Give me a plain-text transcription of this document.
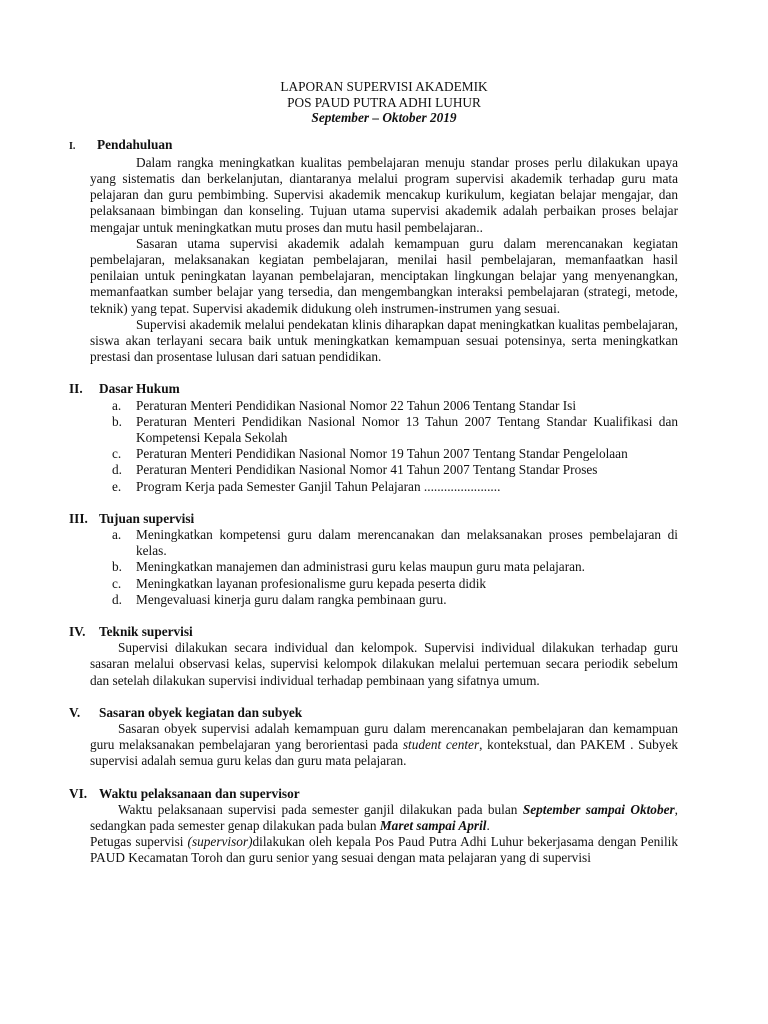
LAPORAN SUPERVISI AKADEMIK
POS PAUD PUTRA ADHI LUHUR
September – Oktober 2019
I. Pendahuluan

Dalam rangka meningkatkan kualitas pembelajaran menuju standar proses perlu dilakukan upaya yang sistematis dan berkelanjutan, diantaranya melalui program supervisi akademik terhadap guru mata pelajaran dan guru pembimbing. Supervisi akademik mencakup kurikulum, kegiatan belajar mengajar, dan pelaksanaan bimbingan dan konseling. Tujuan utama supervisi akademik adalah perbaikan proses belajar mengajar untuk meningkatkan mutu proses dan mutu hasil pembelajaran..

Sasaran utama supervisi akademik adalah kemampuan guru dalam merencanakan kegiatan pembelajaran, melaksanakan kegiatan pembelajaran, menilai hasil pembelajaran, memanfaatkan hasil penilaian untuk peningkatan layanan pembelajaran, menciptakan lingkungan belajar yang menyenangkan, memanfaatkan sumber belajar yang tersedia, dan mengembangkan interaksi pembelajaran (strategi, metode, teknik) yang tepat. Supervisi akademik didukung oleh instrumen-instrumen yang sesuai.

Supervisi akademik melalui pendekatan klinis diharapkan dapat meningkatkan kualitas pembelajaran, siswa akan terlayani secara baik untuk meningkatkan kemampuan sesuai potensinya, serta meningkatkan prestasi dan prosentase lulusan dari satuan pendidikan.

II. Dasar Hukum
a. Peraturan Menteri Pendidikan Nasional Nomor 22 Tahun 2006 Tentang Standar Isi
b. Peraturan Menteri Pendidikan Nasional Nomor 13 Tahun 2007 Tentang Standar Kualifikasi dan Kompetensi Kepala Sekolah
c. Peraturan Menteri Pendidikan Nasional Nomor 19 Tahun 2007 Tentang Standar Pengelolaan
d. Peraturan Menteri Pendidikan Nasional Nomor 41 Tahun 2007 Tentang Standar Proses
e. Program Kerja pada Semester Ganjil Tahun Pelajaran .......................
III. Tujuan supervisi
a. Meningkatkan kompetensi guru dalam merencanakan dan melaksanakan proses pembelajaran di kelas.
b. Meningkatkan manajemen dan administrasi guru kelas maupun guru mata pelajaran.
c. Meningkatkan layanan profesionalisme guru kepada peserta didik
d. Mengevaluasi kinerja guru dalam rangka pembinaan guru.
IV. Teknik supervisi

Supervisi dilakukan secara individual dan kelompok. Supervisi individual dilakukan terhadap guru sasaran melalui observasi kelas, supervisi kelompok dilakukan melalui pertemuan secara periodik sebelum dan setelah dilakukan supervisi individual terhadap pembinaan yang sifatnya umum.

V. Sasaran obyek kegiatan dan subyek

Sasaran obyek supervisi adalah kemampuan guru dalam merencanakan pembelajaran dan kemampuan guru melaksanakan pembelajaran yang berorientasi pada student center, kontekstual, dan PAKEM . Subyek supervisi adalah semua guru kelas dan guru mata pelajaran.

VI. Waktu pelaksanaan dan supervisor

Waktu pelaksanaan supervisi pada semester ganjil dilakukan pada bulan September sampai Oktober, sedangkan pada semester genap dilakukan pada bulan Maret sampai April.

Petugas supervisi (supervisor)dilakukan oleh kepala Pos Paud Putra Adhi Luhur bekerjasama dengan Penilik PAUD Kecamatan Toroh dan guru senior yang sesuai dengan mata pelajaran yang di supervisi
